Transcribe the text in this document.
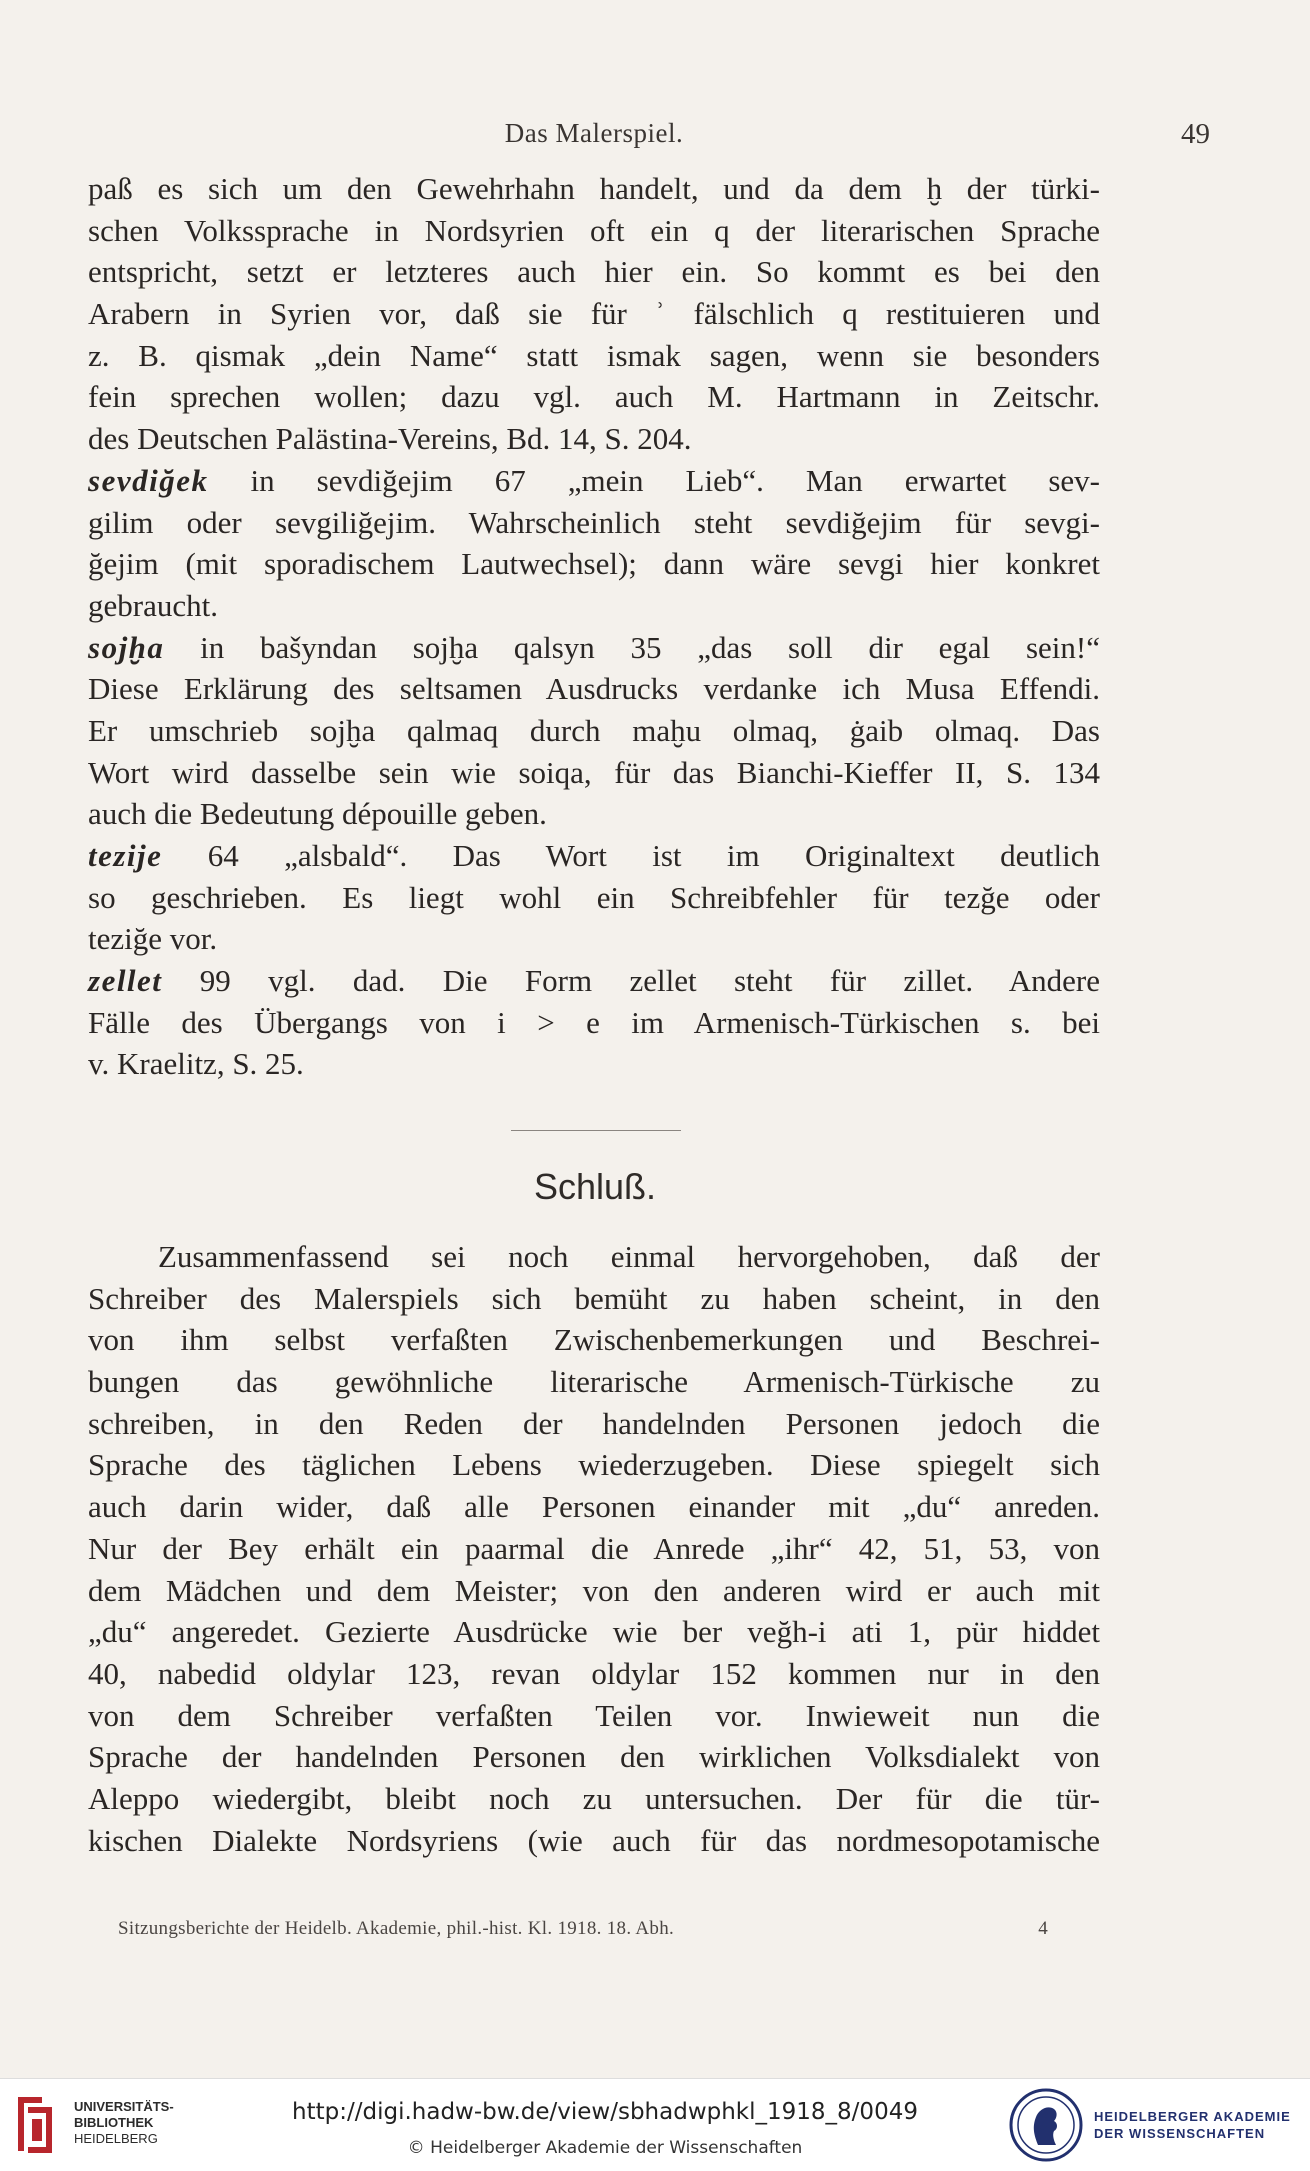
Das Malerspiel.	49
paß es sich um den Gewehrhahn handelt, und da dem ḫ der türki-
schen Volkssprache in Nordsyrien oft ein q der literarischen Sprache
entspricht, setzt er letzteres auch hier ein. So kommt es bei den
Arabern in Syrien vor, daß sie für ʾ fälschlich q restituieren und
z. B. qismak „dein Name“ statt ismak sagen, wenn sie besonders
fein sprechen wollen; dazu vgl. auch M. Hartmann in Zeitschr.
des Deutschen Palästina-Vereins, Bd. 14, S. 204.
sevdiğek in sevdiğejim 67 „mein Lieb“. Man erwartet sev-
gilim oder sevgiliğejim. Wahrscheinlich steht sevdiğejim für sevgi-
ğejim (mit sporadischem Lautwechsel); dann wäre sevgi hier konkret
gebraucht.
sojḫa in bašyndan sojḫa qalsyn 35 „das soll dir egal sein!“
Diese Erklärung des seltsamen Ausdrucks verdanke ich Musa Effendi.
Er umschrieb sojḫa qalmaq durch maḫu olmaq, ġaib olmaq. Das
Wort wird dasselbe sein wie soiqa, für das Bianchi-Kieffer II, S. 134
auch die Bedeutung dépouille geben.
tezije 64 „alsbald“. Das Wort ist im Originaltext deutlich
so geschrieben. Es liegt wohl ein Schreibfehler für tezğe oder
teziğe vor.
zellet 99 vgl. dad. Die Form zellet steht für zillet. Andere
Fälle des Übergangs von i > e im Armenisch-Türkischen s. bei
v. Kraelitz, S. 25.
Schluß.
Zusammenfassend sei noch einmal hervorgehoben, daß der
Schreiber des Malerspiels sich bemüht zu haben scheint, in den
von ihm selbst verfaßten Zwischenbemerkungen und Beschrei-
bungen das gewöhnliche literarische Armenisch-Türkische zu
schreiben, in den Reden der handelnden Personen jedoch die
Sprache des täglichen Lebens wiederzugeben. Diese spiegelt sich
auch darin wider, daß alle Personen einander mit „du“ anreden.
Nur der Bey erhält ein paarmal die Anrede „ihr“ 42, 51, 53, von
dem Mädchen und dem Meister; von den anderen wird er auch mit
„du“ angeredet. Gezierte Ausdrücke wie ber veğh-i ati 1, pür hiddet
40, nabedid oldylar 123, revan oldylar 152 kommen nur in den
von dem Schreiber verfaßten Teilen vor. Inwieweit nun die
Sprache der handelnden Personen den wirklichen Volksdialekt von
Aleppo wiedergibt, bleibt noch zu untersuchen. Der für die tür-
kischen Dialekte Nordsyriens (wie auch für das nordmesopotamische
Sitzungsberichte der Heidelb. Akademie, phil.-hist. Kl. 1918. 18. Abh.	4
UNIVERSITÄTS-
BIBLIOTHEK
HEIDELBERG
http://digi.hadw-bw.de/view/sbhadwphkl_1918_8/0049
© Heidelberger Akademie der Wissenschaften
HEIDELBERGER AKADEMIE
DER WISSENSCHAFTEN
